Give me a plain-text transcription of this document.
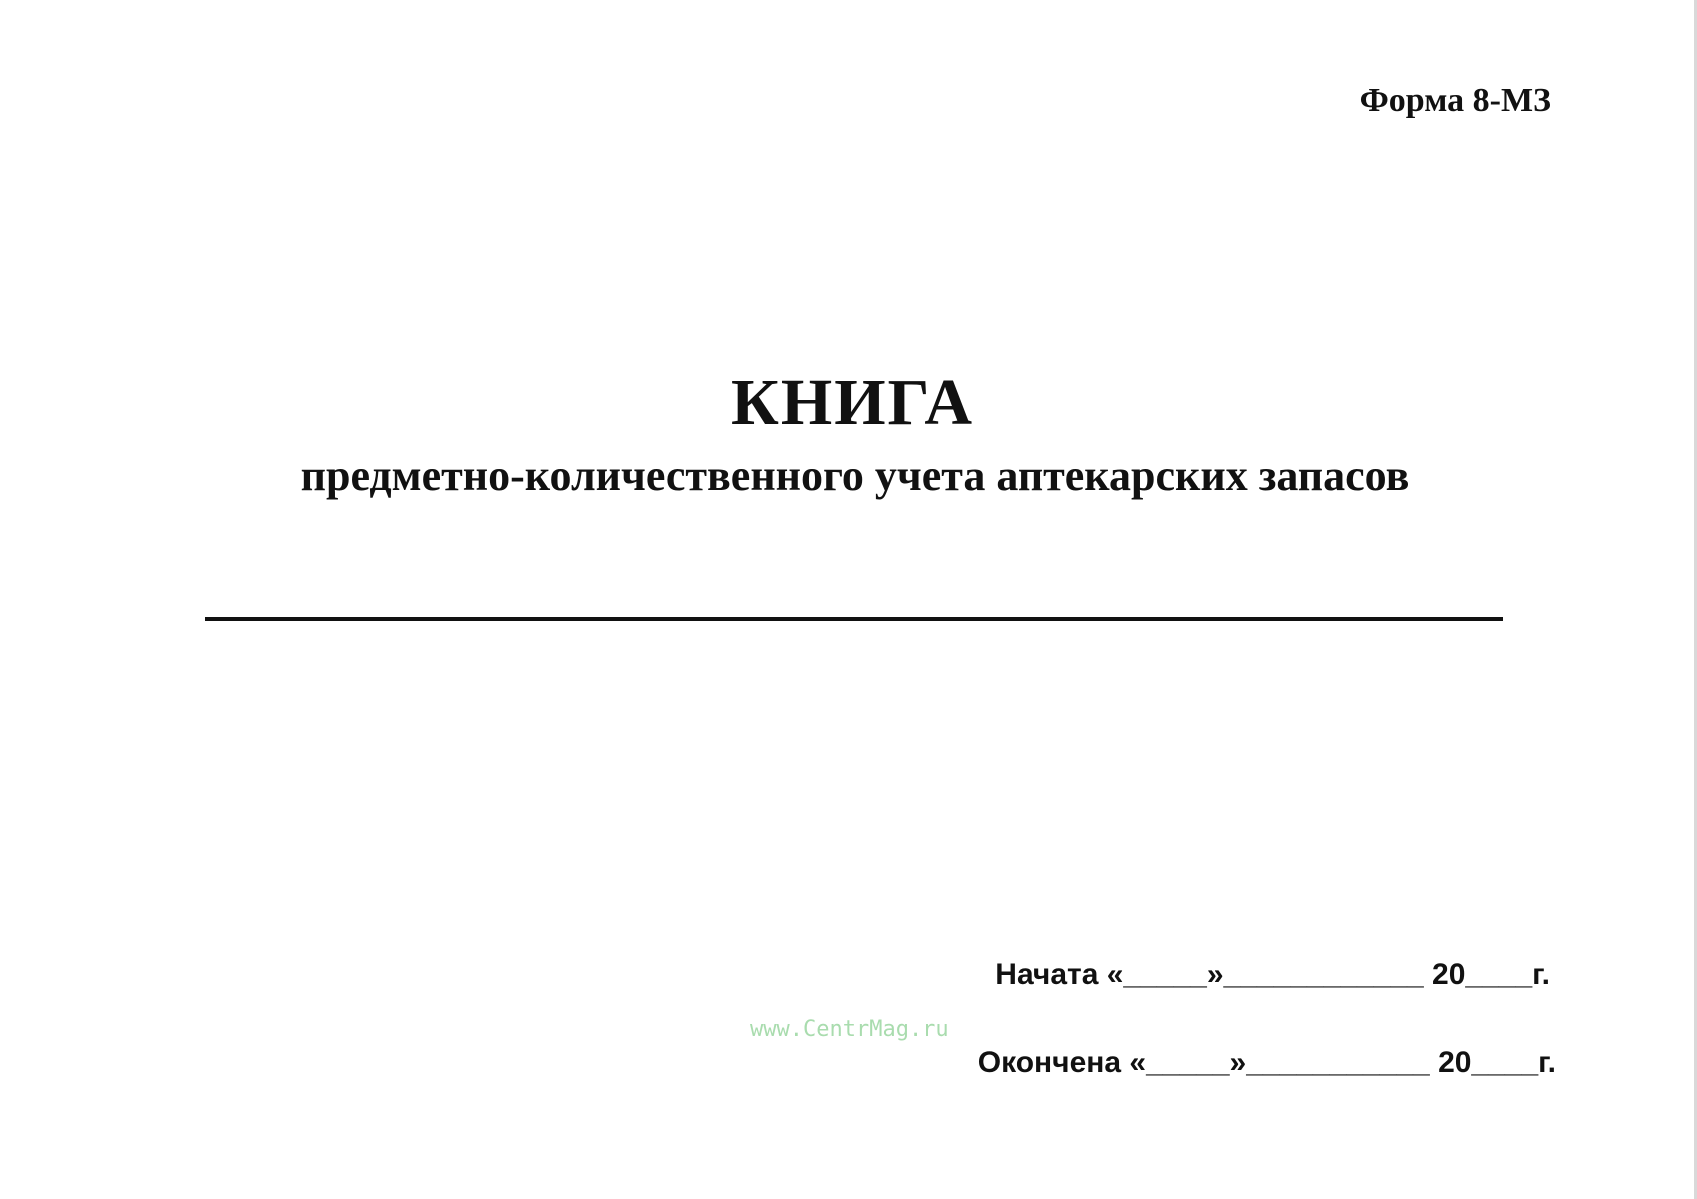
Форма 8-МЗ
КНИГА
предметно-количественного учета аптекарских запасов
www.CentrMag.ru
Начата «_____»____________ 20____г.
Окончена «_____»___________ 20____г.
